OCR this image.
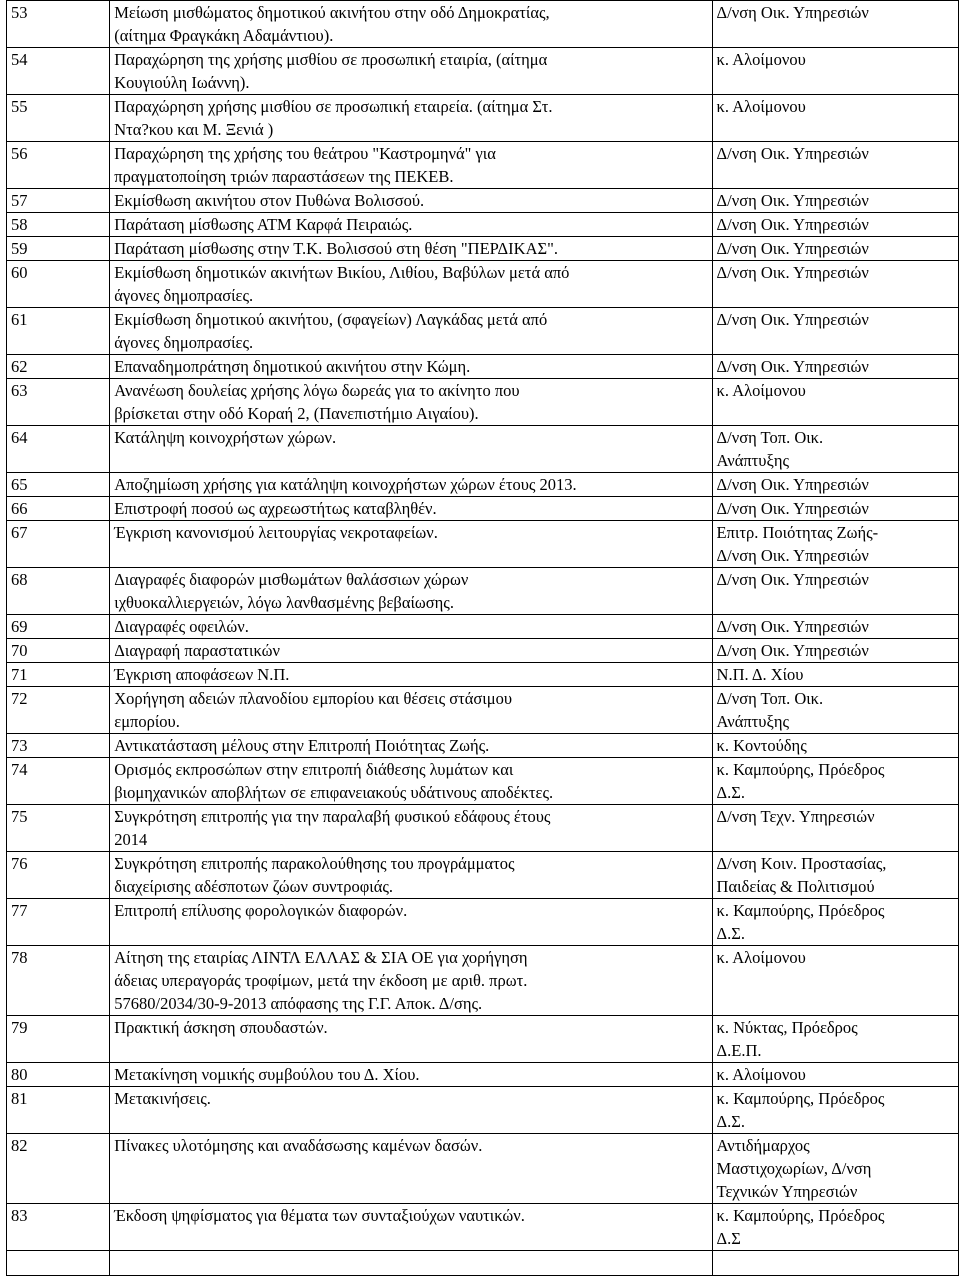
53	Μείωση μισθώματος δημοτικού ακινήτου στην οδό Δημοκρατίας,
(αίτημα Φραγκάκη Αδαμάντιου).	Δ/νση Οικ. Υπηρεσιών
54	Παραχώρηση της χρήσης μισθίου σε προσωπική εταιρία, (αίτημα
Κουγιούλη Ιωάννη).	κ. Αλοίμονου
55	Παραχώρηση χρήσης μισθίου σε προσωπική εταιρεία. (αίτημα Στ.
Ντα?κου και Μ. Ξενιά )	κ. Αλοίμονου
56	Παραχώρηση της χρήσης του θεάτρου "Καστρομηνά" για
πραγματοποίηση τριών παραστάσεων της ΠΕΚΕΒ.	Δ/νση Οικ. Υπηρεσιών
57	Εκμίσθωση ακινήτου στον Πυθώνα Βολισσού.	Δ/νση Οικ. Υπηρεσιών
58	Παράταση μίσθωσης ΑΤΜ Καρφά Πειραιώς.	Δ/νση Οικ. Υπηρεσιών
59	Παράταση μίσθωσης στην Τ.Κ. Βολισσού στη θέση "ΠΕΡΔΙΚΑΣ".	Δ/νση Οικ. Υπηρεσιών
60	Εκμίσθωση δημοτικών ακινήτων Βικίου, Λιθίου, Βαβύλων μετά από
άγονες δημοπρασίες.	Δ/νση Οικ. Υπηρεσιών
61	Εκμίσθωση δημοτικού ακινήτου, (σφαγείων) Λαγκάδας μετά από
άγονες δημοπρασίες.	Δ/νση Οικ. Υπηρεσιών
62	Επαναδημοπράτηση δημοτικού ακινήτου στην Κώμη.	Δ/νση Οικ. Υπηρεσιών
63	Ανανέωση δουλείας χρήσης λόγω δωρεάς για το ακίνητο που
βρίσκεται στην οδό Κοραή 2, (Πανεπιστήμιο Αιγαίου).	κ. Αλοίμονου
64	Κατάληψη κοινοχρήστων χώρων.	Δ/νση Τοπ. Οικ.
Ανάπτυξης
65	Αποζημίωση χρήσης για κατάληψη κοινοχρήστων χώρων έτους 2013.	Δ/νση Οικ. Υπηρεσιών
66	Επιστροφή ποσού ως αχρεωστήτως καταβληθέν.	Δ/νση Οικ. Υπηρεσιών
67	Έγκριση κανονισμού λειτουργίας νεκροταφείων.	Επιτρ. Ποιότητας Ζωής-
Δ/νση Οικ. Υπηρεσιών
68	Διαγραφές διαφορών μισθωμάτων θαλάσσιων χώρων
ιχθυοκαλλιεργειών, λόγω λανθασμένης βεβαίωσης.	Δ/νση Οικ. Υπηρεσιών
69	Διαγραφές οφειλών.	Δ/νση Οικ. Υπηρεσιών
70	Διαγραφή παραστατικών	Δ/νση Οικ. Υπηρεσιών
71	Έγκριση αποφάσεων Ν.Π.	Ν.Π. Δ. Χίου
72	Χορήγηση αδειών πλανοδίου εμπορίου και θέσεις στάσιμου
εμπορίου.	Δ/νση Τοπ. Οικ.
Ανάπτυξης
73	Αντικατάσταση μέλους στην Επιτροπή Ποιότητας Ζωής.	κ. Κοντούδης
74	Ορισμός εκπροσώπων στην επιτροπή διάθεσης λυμάτων και
βιομηχανικών αποβλήτων σε επιφανειακούς υδάτινους αποδέκτες.	κ. Καμπούρης, Πρόεδρος
Δ.Σ.
75	Συγκρότηση επιτροπής για την παραλαβή φυσικού εδάφους έτους
2014	Δ/νση Τεχν. Υπηρεσιών
76	Συγκρότηση επιτροπής παρακολούθησης του προγράμματος
διαχείρισης αδέσποτων ζώων συντροφιάς.	Δ/νση Κοιν. Προστασίας,
Παιδείας & Πολιτισμού
77	Επιτροπή επίλυσης φορολογικών διαφορών.	κ. Καμπούρης, Πρόεδρος
Δ.Σ.
78	Αίτηση της εταιρίας ΛΙΝΤΛ ΕΛΛΑΣ & ΣΙΑ ΟΕ για χορήγηση
άδειας υπεραγοράς τροφίμων, μετά την έκδοση με αριθ. πρωτ.
57680/2034/30-9-2013 απόφασης της Γ.Γ. Αποκ. Δ/σης.	κ. Αλοίμονου
79	Πρακτική άσκηση σπουδαστών.	κ. Νύκτας, Πρόεδρος
Δ.Ε.Π.
80	Μετακίνηση νομικής συμβούλου του Δ. Χίου.	κ. Αλοίμονου
81	Μετακινήσεις.	κ. Καμπούρης, Πρόεδρος
Δ.Σ.
82	Πίνακες υλοτόμησης και αναδάσωσης καμένων δασών.	Αντιδήμαρχος
Μαστιχοχωρίων, Δ/νση
Τεχνικών Υπηρεσιών
83	Έκδοση ψηφίσματος για θέματα των συνταξιούχων ναυτικών.	κ. Καμπούρης, Πρόεδρος
Δ.Σ
